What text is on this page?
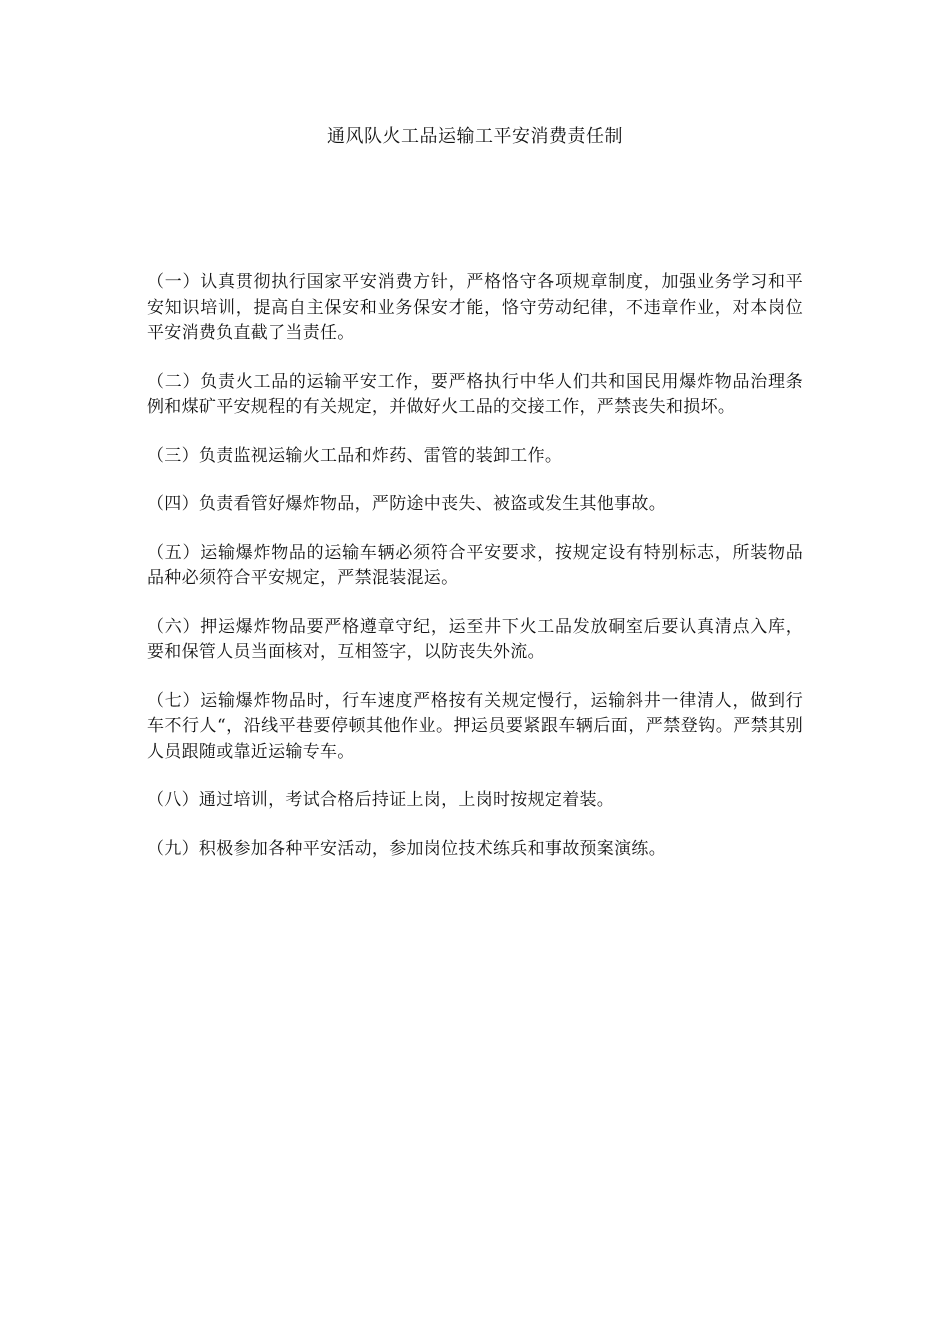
通风队火工品运输工平安消费责任制

（一）认真贯彻执行国家平安消费方针，严格恪守各项规章制度，加强业务学习和平安知识培训，提高自主保安和业务保安才能，恪守劳动纪律，不违章作业，对本岗位平安消费负直截了当责任。

（二）负责火工品的运输平安工作，要严格执行中华人们共和国民用爆炸物品治理条例和煤矿平安规程的有关规定，并做好火工品的交接工作，严禁丧失和损坏。

（三）负责监视运输火工品和炸药、雷管的装卸工作。

（四）负责看管好爆炸物品，严防途中丧失、被盗或发生其他事故。

（五）运输爆炸物品的运输车辆必须符合平安要求，按规定设有特别标志，所装物品品种必须符合平安规定，严禁混装混运。

（六）押运爆炸物品要严格遵章守纪，运至井下火工品发放硐室后要认真清点入库，要和保管人员当面核对，互相签字，以防丧失外流。

（七）运输爆炸物品时，行车速度严格按有关规定慢行，运输斜井一律清人，做到行车不行人“，沿线平巷要停顿其他作业。押运员要紧跟车辆后面，严禁登钩。严禁其别人员跟随或靠近运输专车。

（八）通过培训，考试合格后持证上岗，上岗时按规定着装。

（九）积极参加各种平安活动，参加岗位技术练兵和事故预案演练。
